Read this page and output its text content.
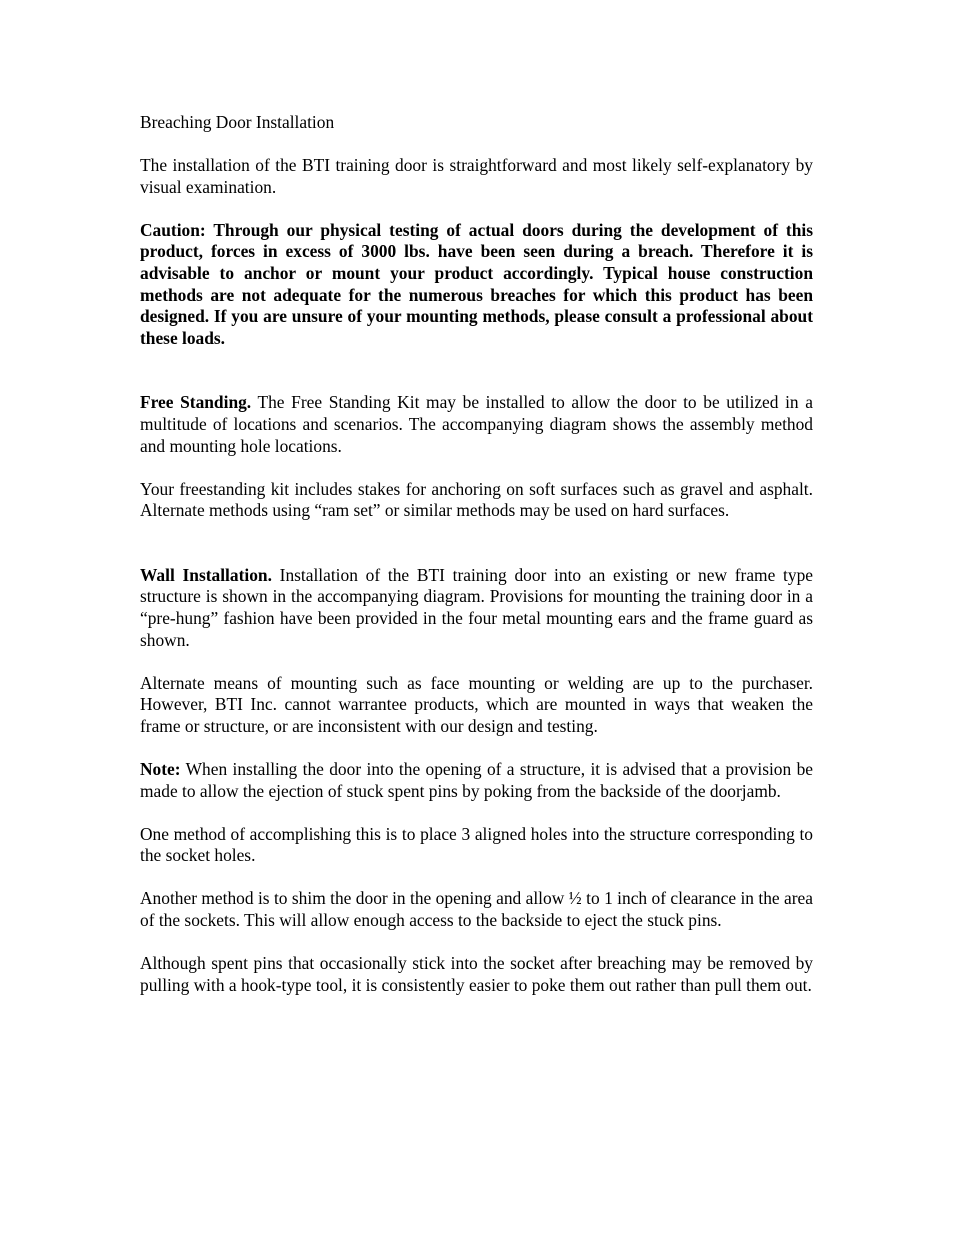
Breaching Door Installation

The installation of the BTI training door is straightforward and most likely self-explanatory by visual examination.

Caution: Through our physical testing of actual doors during the development of this product, forces in excess of 3000 lbs. have been seen during a breach. Therefore it is advisable to anchor or mount your product accordingly. Typical house construction methods are not adequate for the numerous breaches for which this product has been designed. If you are unsure of your mounting methods, please consult a professional about these loads.

Free Standing. The Free Standing Kit may be installed to allow the door to be utilized in a multitude of locations and scenarios. The accompanying diagram shows the assembly method and mounting hole locations.

Your freestanding kit includes stakes for anchoring on soft surfaces such as gravel and asphalt. Alternate methods using “ram set” or similar methods may be used on hard surfaces.

Wall Installation. Installation of the BTI training door into an existing or new frame type structure is shown in the accompanying diagram. Provisions for mounting the training door in a “pre-hung” fashion have been provided in the four metal mounting ears and the frame guard as shown.

Alternate means of mounting such as face mounting or welding are up to the purchaser. However, BTI Inc. cannot warrantee products, which are mounted in ways that weaken the frame or structure, or are inconsistent with our design and testing.

Note: When installing the door into the opening of a structure, it is advised that a provision be made to allow the ejection of stuck spent pins by poking from the backside of the doorjamb.

One method of accomplishing this is to place 3 aligned holes into the structure corresponding to the socket holes.

Another method is to shim the door in the opening and allow ½ to 1 inch of clearance in the area of the sockets. This will allow enough access to the backside to eject the stuck pins.

Although spent pins that occasionally stick into the socket after breaching may be removed by pulling with a hook-type tool, it is consistently easier to poke them out rather than pull them out.
